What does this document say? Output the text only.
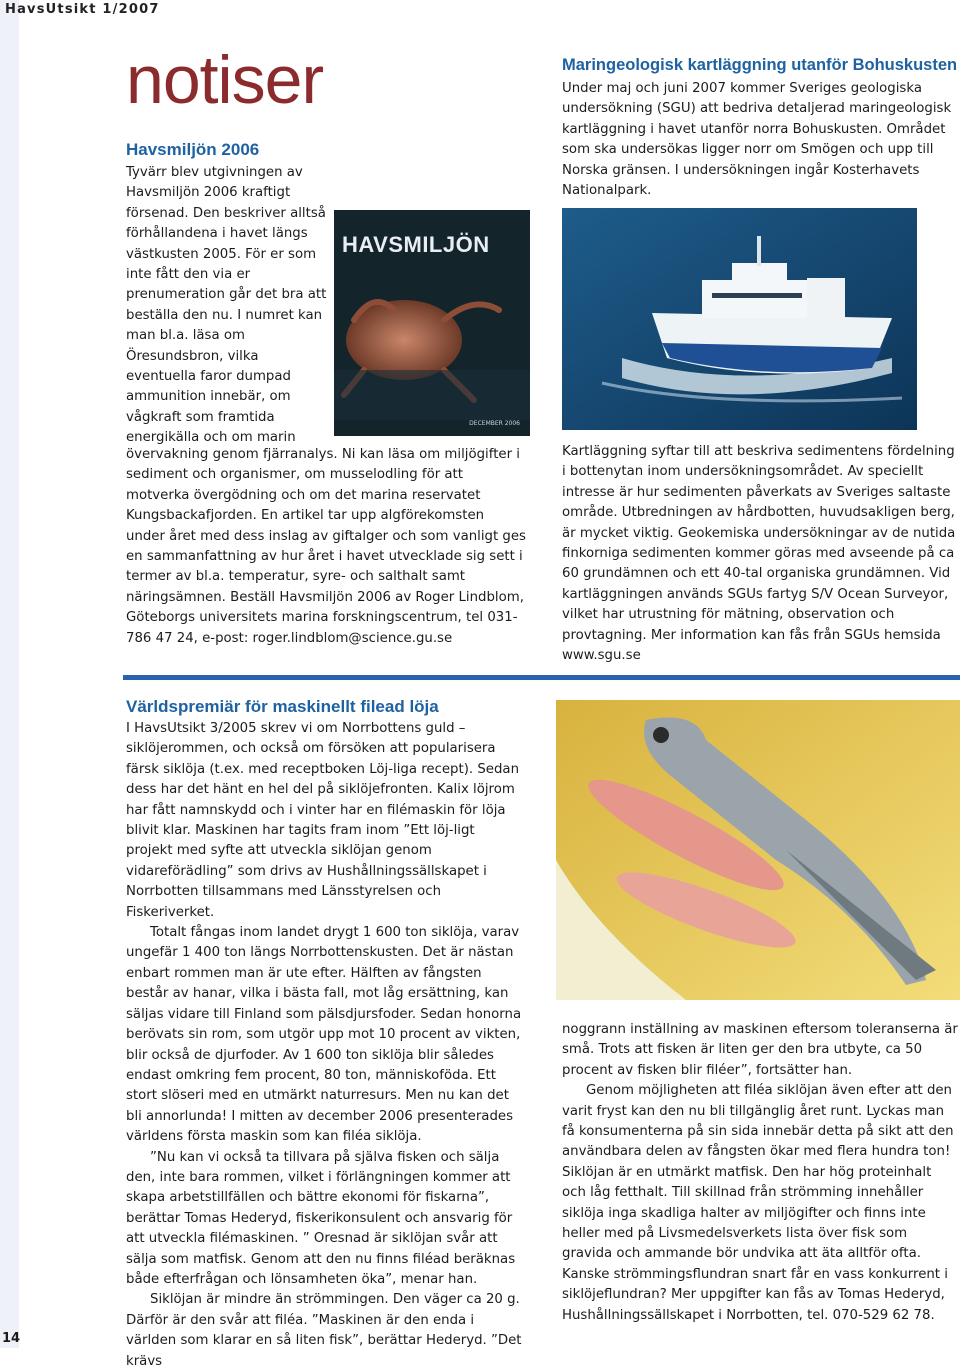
HavsUtsikt 1/2007
notiser
Havsmiljön 2006

Tyvärr blev utgivningen av Havsmiljön 2006 kraftigt försenad. Den beskriver alltså förhållandena i havet längs västkusten 2005. För er som inte fått den via er prenumeration går det bra att beställa den nu. I numret kan man bl.a. läsa om Öresundsbron, vilka eventuella faror dumpad ammunition innebär, om vågkraft som framtida energikälla och om marin

övervakning genom fjärranalys. Ni kan läsa om miljögifter i sediment och organismer, om musselodling för att motverka övergödning och om det marina reservatet Kungsbackafjorden. En artikel tar upp algförekomsten under året med dess inslag av giftalger och som vanligt ges en sammanfattning av hur året i havet utvecklade sig sett i termer av bl.a. temperatur, syre- och salthalt samt näringsämnen. Beställ Havsmiljön 2006 av Roger Lindblom, Göteborgs universitets marina forskningscentrum, tel 031-786 47 24, e-post: roger.lindblom@science.gu.se

HAVSMILJÖN
DECEMBER 2006
Maringeologisk kartläggning utanför Bohuskusten

Under maj och juni 2007 kommer Sveriges geologiska undersökning (SGU) att bedriva detaljerad maringeologisk kartläggning i havet utanför norra Bohuskusten. Området som ska undersökas ligger norr om Smögen och upp till Norska gränsen. I undersökningen ingår Kosterhavets Nationalpark.

Kartläggning syftar till att beskriva sedimentens fördelning i bottenytan inom undersökningsområdet. Av speciellt intresse är hur sedimenten påverkats av Sveriges saltaste område. Utbredningen av hårdbotten, huvudsakligen berg, är mycket viktig. Geokemiska undersökningar av de nutida finkorniga sedimenten kommer göras med avseende på ca 60 grundämnen och ett 40-tal organiska grundämnen. Vid kartläggningen används SGUs fartyg S/V Ocean Surveyor, vilket har utrustning för mätning, observation och provtagning. Mer information kan fås från SGUs hemsida www.sgu.se

Världspremiär för maskinellt filead löja

I HavsUtsikt 3/2005 skrev vi om Norrbottens guld – siklöjerommen, och också om försöken att popularisera färsk siklöja (t.ex. med receptboken Löj-liga recept). Sedan dess har det hänt en hel del på siklöjefronten. Kalix löjrom har fått namnskydd och i vinter har en filémaskin för löja blivit klar. Maskinen har tagits fram inom ”Ett löj-ligt projekt med syfte att utveckla siklöjan genom vidareförädling” som drivs av Hushållningssällskapet i Norrbotten tillsammans med Länsstyrelsen och Fiskeriverket.

Totalt fångas inom landet drygt 1 600 ton siklöja, varav ungefär 1 400 ton längs Norrbottenskusten. Det är nästan enbart rommen man är ute efter. Hälften av fångsten består av hanar, vilka i bästa fall, mot låg ersättning, kan säljas vidare till Finland som pälsdjursfoder. Sedan honorna berövats sin rom, som utgör upp mot 10 procent av vikten, blir också de djurfoder. Av 1 600 ton siklöja blir således endast omkring fem procent, 80 ton, människoföda. Ett stort slöseri med en utmärkt naturresurs. Men nu kan det bli annorlunda! I mitten av december 2006 presenterades världens första maskin som kan filéa siklöja.

”Nu kan vi också ta tillvara på själva fisken och sälja den, inte bara rommen, vilket i förlängningen kommer att skapa arbetstillfällen och bättre ekonomi för fiskarna”, berättar Tomas Hederyd, fiskerikonsulent och ansvarig för att utveckla filémaskinen. ” Oresnad är siklöjan svår att sälja som matfisk. Genom att den nu finns filéad beräknas både efterfrågan och lönsamheten öka”, menar han.

Siklöjan är mindre än strömmingen. Den väger ca 20 g. Därför är den svår att filéa. ”Maskinen är den enda i världen som klarar en så liten fisk”, berättar Hederyd. ”Det krävs

noggrann inställning av maskinen eftersom toleranserna är små. Trots att fisken är liten ger den bra utbyte, ca 50 procent av fisken blir filéer”, fortsätter han.

Genom möjligheten att filéa siklöjan även efter att den varit fryst kan den nu bli tillgänglig året runt. Lyckas man få konsumenterna på sin sida innebär detta på sikt att den användbara delen av fångsten ökar med flera hundra ton! Siklöjan är en utmärkt matfisk. Den har hög proteinhalt och låg fetthalt. Till skillnad från strömming innehåller siklöja inga skadliga halter av miljögifter och finns inte heller med på Livsmedelsverkets lista över fisk som gravida och ammande bör undvika att äta alltför ofta. Kanske strömmingsflundran snart får en vass konkurrent i siklöjeflundran? Mer uppgifter kan fås av Tomas Hederyd, Hushållningssällskapet i Norrbotten, tel. 070-529 62 78.

14
